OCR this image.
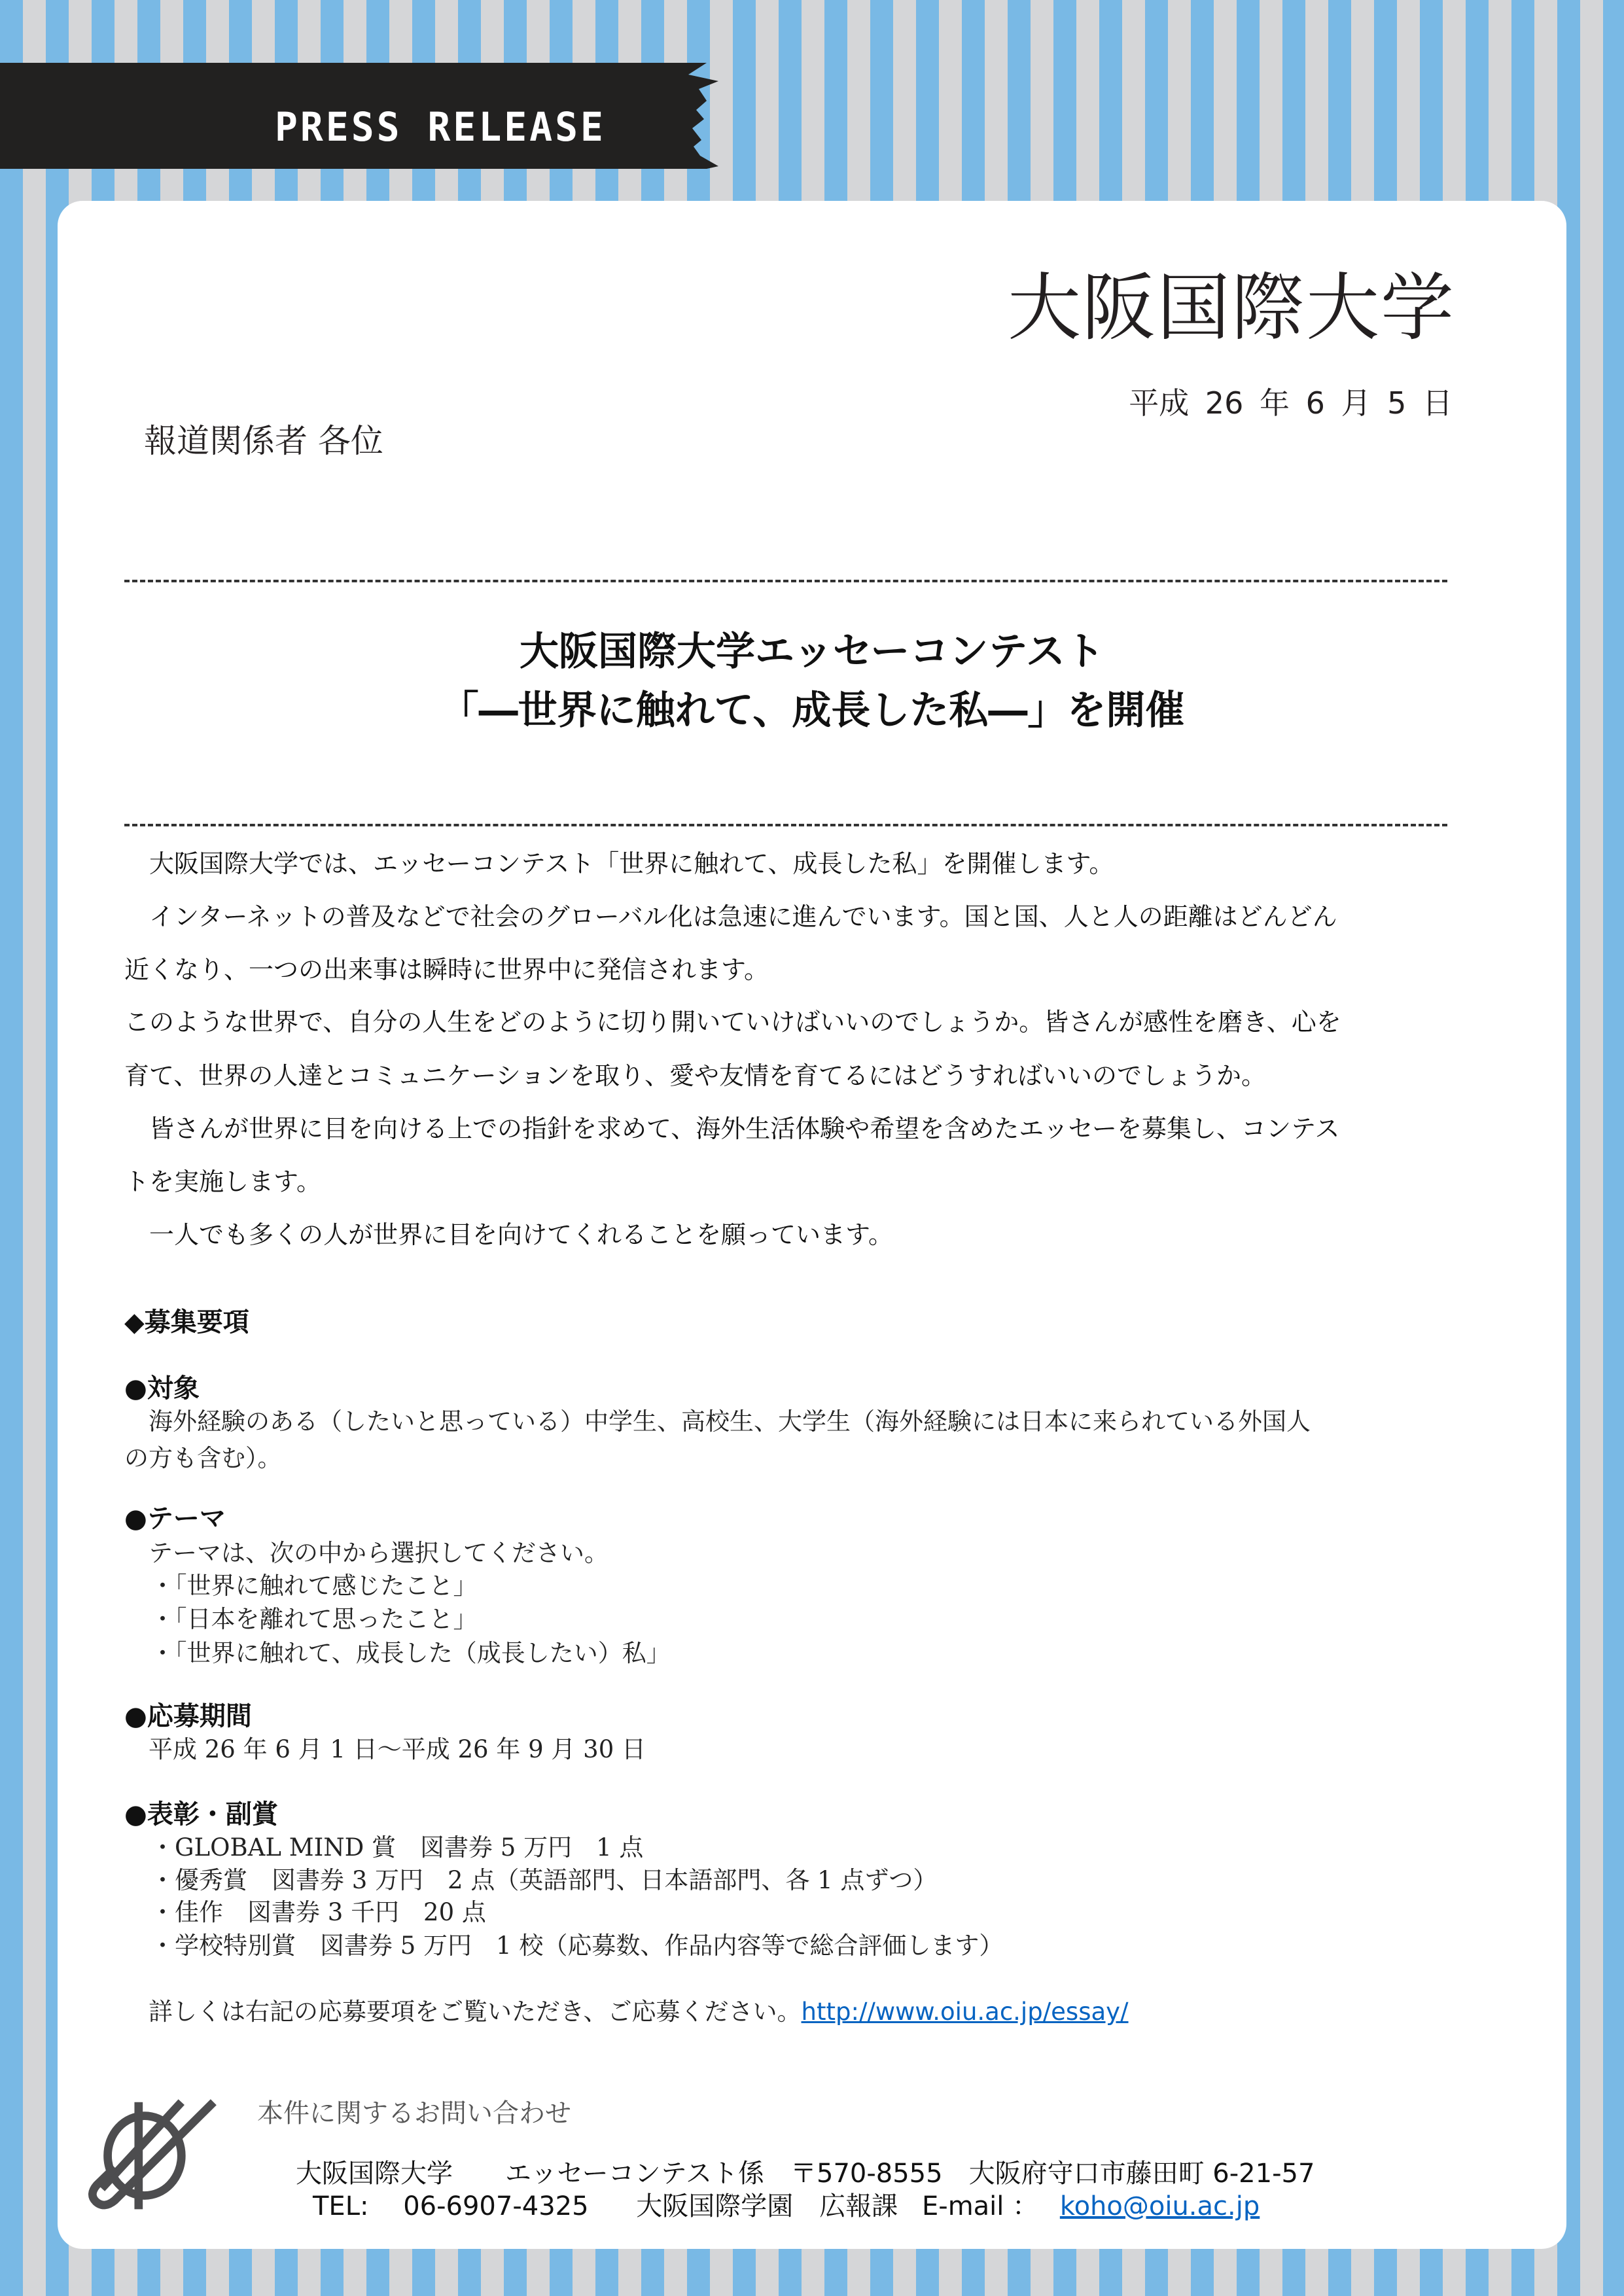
PRESS RELEASE
大阪国際大学
平成 26 年 6 月 5 日
報道関係者 各位
大阪国際大学エッセーコンテスト
「―世界に触れて、成長した私―」を開催
　大阪国際大学では、エッセーコンテスト「世界に触れて、成長した私」を開催します。
　インターネットの普及などで社会のグローバル化は急速に進んでいます。国と国、人と人の距離はどんどん
近くなり、一つの出来事は瞬時に世界中に発信されます。
このような世界で、自分の人生をどのように切り開いていけばいいのでしょうか。皆さんが感性を磨き、心を
育て、世界の人達とコミュニケーションを取り、愛や友情を育てるにはどうすればいいのでしょうか。
　皆さんが世界に目を向ける上での指針を求めて、海外生活体験や希望を含めたエッセーを募集し、コンテス
トを実施します。
　一人でも多くの人が世界に目を向けてくれることを願っています。
◆募集要項
●対象
　海外経験のある（したいと思っている）中学生、高校生、大学生（海外経験には日本に来られている外国人
の方も含む）。
●テーマ
　テーマは、次の中から選択してください。
・「世界に触れて感じたこと」
・「日本を離れて思ったこと」
・「世界に触れて、成長した（成長したい）私」
●応募期間
　平成 26 年 6 月 1 日～平成 26 年 9 月 30 日
●表彰・副賞
・GLOBAL MIND 賞　図書券 5 万円　1 点
・優秀賞　図書券 3 万円　2 点（英語部門、日本語部門、各 1 点ずつ）
・佳作　図書券 3 千円　20 点
・学校特別賞　図書券 5 万円　1 校（応募数、作品内容等で総合評価します）
　詳しくは右記の応募要項をご覧いただき、ご応募ください。http://www.oiu.ac.jp/essay/
本件に関するお問い合わせ
大阪国際大学　　エッセーコンテスト係　〒570-8555　大阪府守口市藤田町 6-21-57
TEL: 06-6907-4325 大阪国際学園　広報課 E-mail ： koho@oiu.ac.jp
